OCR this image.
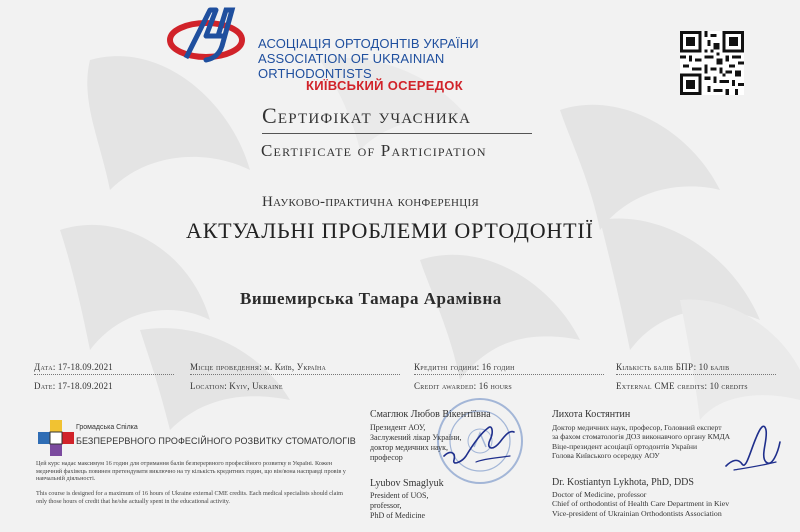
АСОЦІАЦІЯ ОРТОДОНТІВ УКРАЇНИ
ASSOCIATION OF UKRAINIAN ORTHODONTISTS
КИЇВСЬКИЙ ОСЕРЕДОК
Сертифікат учасника
Certificate of Participation
Науково-практична конференція
АКТУАЛЬНІ ПРОБЛЕМИ ОРТОДОНТІЇ
Вишемирська Тамара Арамівна
Дата: 17-18.09.2021	Місце проведення: м. Київ, Україна	Кредитні години: 16 годин	Кількість балів БПР: 10 балів
Date: 17-18.09.2021	Location: Kyiv, Ukraine	Credit awarded: 16 hours	External CME credits: 10 credits
Громадська Спілка
БЕЗПЕРЕРВНОГО ПРОФЕСІЙНОГО РОЗВИТКУ СТОМАТОЛОГІВ
Цей курс надає максимум 16 годин для отримання балів безперервного професійного розвитку в Україні. Кожен медичний фахівець повинен претендувати виключно на ту кількість кредитних годин, що він/вона насправді провів у навчальній діяльності.
This course is designed for a maximum of 16 hours of Ukraine external CME credits. Each medical specialists should claim only those hours of credit that he/she actually spent in the educational activity.
Смаглюк Любов Вікентіївна
Президент АОУ,
Заслужений лікар України,
доктор медичних наук,
професор
Lyubov Smaglyuk
President of UOS,
professor,
PhD of Medicine
Лихота Костянтин
Доктор медичних наук, професор, Головний експерт
за фахом стоматологія ДОЗ виконавчого органу КМДА
Віце-президент асоціації ортодонтів України
Голова Київського осередку АОУ
Dr. Kostiantyn Lykhota, PhD, DDS
Doctor of Medicine, professor
Chief of orthodontist of Health Care Department in Kiev
Vice-president of Ukrainian Orthodontists Association
